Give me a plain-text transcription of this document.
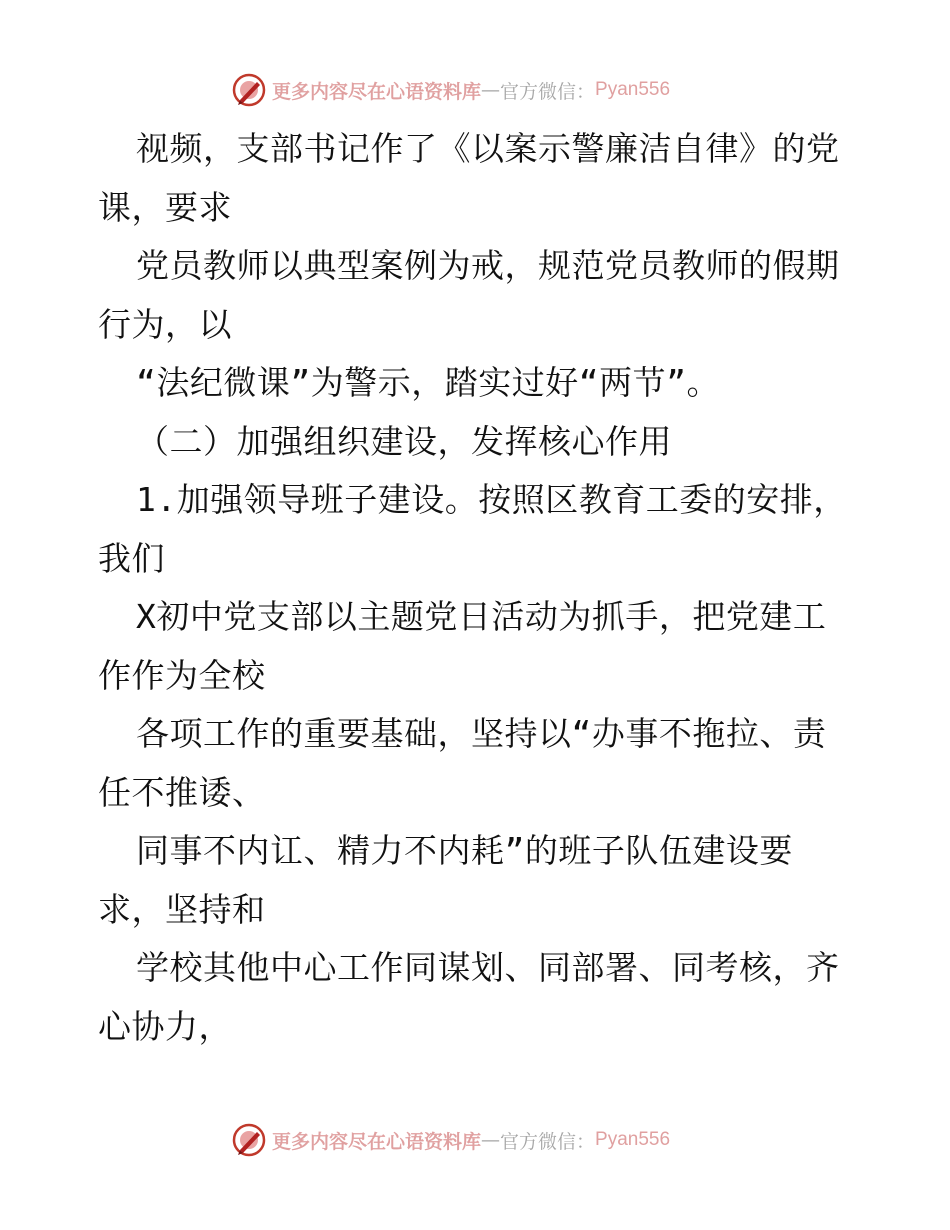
更多内容尽在心语资料库 — 官方微信： Pyan556
视频，支部书记作了《以案示警廉洁自律》的党
课，要求
党员教师以典型案例为戒，规范党员教师的假期
行为，以
“法纪微课”为警示，踏实过好“两节”。
（二）加强组织建设，发挥核心作用
1.加强领导班子建设。按照区教育工委的安排，
我们
X初中党支部以主题党日活动为抓手，把党建工
作作为全校
各项工作的重要基础，坚持以“办事不拖拉、责
任不推诿、
同事不内讧、精力不内耗”的班子队伍建设要
求，坚持和
学校其他中心工作同谋划、同部署、同考核，齐
心协力，
更多内容尽在心语资料库 — 官方微信： Pyan556
